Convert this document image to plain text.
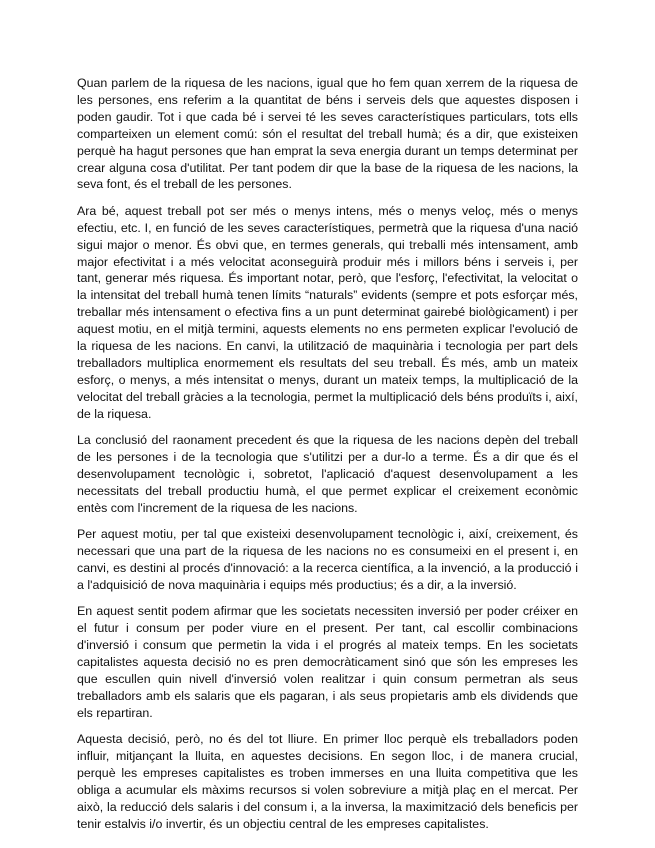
Quan parlem de la riquesa de les nacions, igual que ho fem quan xerrem de la riquesa de les persones, ens referim a la quantitat de béns i serveis dels que aquestes disposen i poden gaudir. Tot i que cada bé i servei té les seves característiques particulars, tots ells comparteixen un element comú: són el resultat del treball humà; és a dir, que existeixen perquè ha hagut persones que han emprat la seva energia durant un temps determinat per crear alguna cosa d'utilitat. Per tant podem dir que la base de la riquesa de les nacions, la seva font, és el treball de les persones.

Ara bé, aquest treball pot ser més o menys intens, més o menys veloç, més o menys efectiu, etc. I, en funció de les seves característiques, permetrà que la riquesa d'una nació sigui major o menor. És obvi que, en termes generals, qui treballi més intensament, amb major efectivitat i a més velocitat aconseguirà produir més i millors béns i serveis i, per tant, generar més riquesa. És important notar, però, que l'esforç, l'efectivitat, la velocitat o la intensitat del treball humà tenen límits “naturals” evidents (sempre et pots esforçar més, treballar més intensament o efectiva fins a un punt determinat gairebé biològicament) i per aquest motiu, en el mitjà termini, aquests elements no ens permeten explicar l'evolució de la riquesa de les nacions. En canvi, la utilització de maquinària i tecnologia per part dels treballadors multiplica enormement els resultats del seu treball. És més, amb un mateix esforç, o menys, a més intensitat o menys, durant un mateix temps, la multiplicació de la velocitat del treball gràcies a la tecnologia, permet la multiplicació dels béns produïts i, així, de la riquesa.

La conclusió del raonament precedent és que la riquesa de les nacions depèn del treball de les persones i de la tecnologia que s'utilitzi per a dur-lo a terme. És a dir que és el desenvolupament tecnològic i, sobretot, l'aplicació d'aquest desenvolupament a les necessitats del treball productiu humà, el que permet explicar el creixement econòmic entès com l'increment de la riquesa de les nacions.

Per aquest motiu, per tal que existeixi desenvolupament tecnològic i, així, creixement, és necessari que una part de la riquesa de les nacions no es consumeixi en el present i, en canvi, es destini al procés d'innovació: a la recerca científica, a la invenció, a la producció i a l'adquisició de nova maquinària i equips més productius; és a dir, a la inversió.

En aquest sentit podem afirmar que les societats necessiten inversió per poder créixer en el futur i consum per poder viure en el present. Per tant, cal escollir combinacions d'inversió i consum que permetin la vida i el progrés al mateix temps. En les societats capitalistes aquesta decisió no es pren democràticament sinó que són les empreses les que escullen quin nivell d'inversió volen realitzar i quin consum permetran als seus treballadors amb els salaris que els pagaran, i als seus propietaris amb els dividends que els repartiran.

Aquesta decisió, però, no és del tot lliure. En primer lloc perquè els treballadors poden influir, mitjançant la lluita, en aquestes decisions. En segon lloc, i de manera crucial, perquè les empreses capitalistes es troben immerses en una lluita competitiva que les obliga a acumular els màxims recursos si volen sobreviure a mitjà plaç en el mercat. Per això, la reducció dels salaris i del consum i, a la inversa, la maximització dels beneficis per tenir estalvis i/o invertir, és un objectiu central de les empreses capitalistes.
